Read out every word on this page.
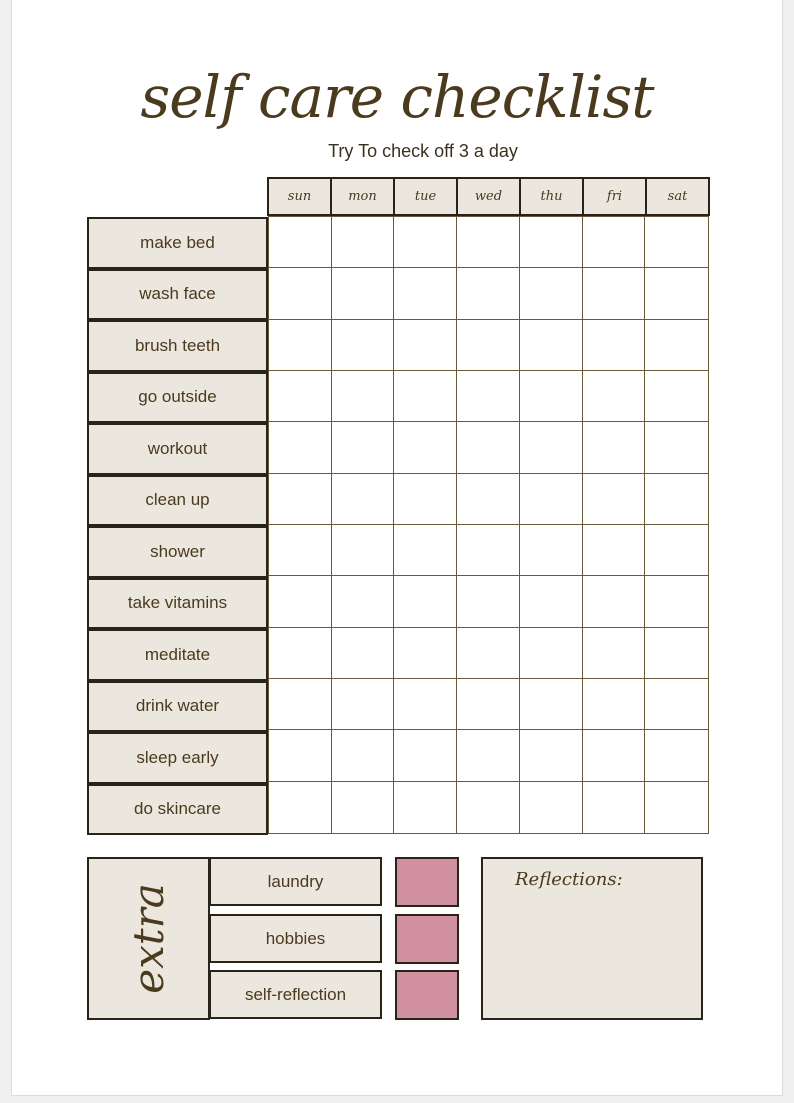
self care checklist
Try To check off 3 a day
sun	mon	tue	wed	thu	fri	sat
make bed
wash face
brush teeth
go outside
workout
clean up
shower
take vitamins
meditate
drink water
sleep early
do skincare
extra
laundry
hobbies
self-reflection
Reflections:
